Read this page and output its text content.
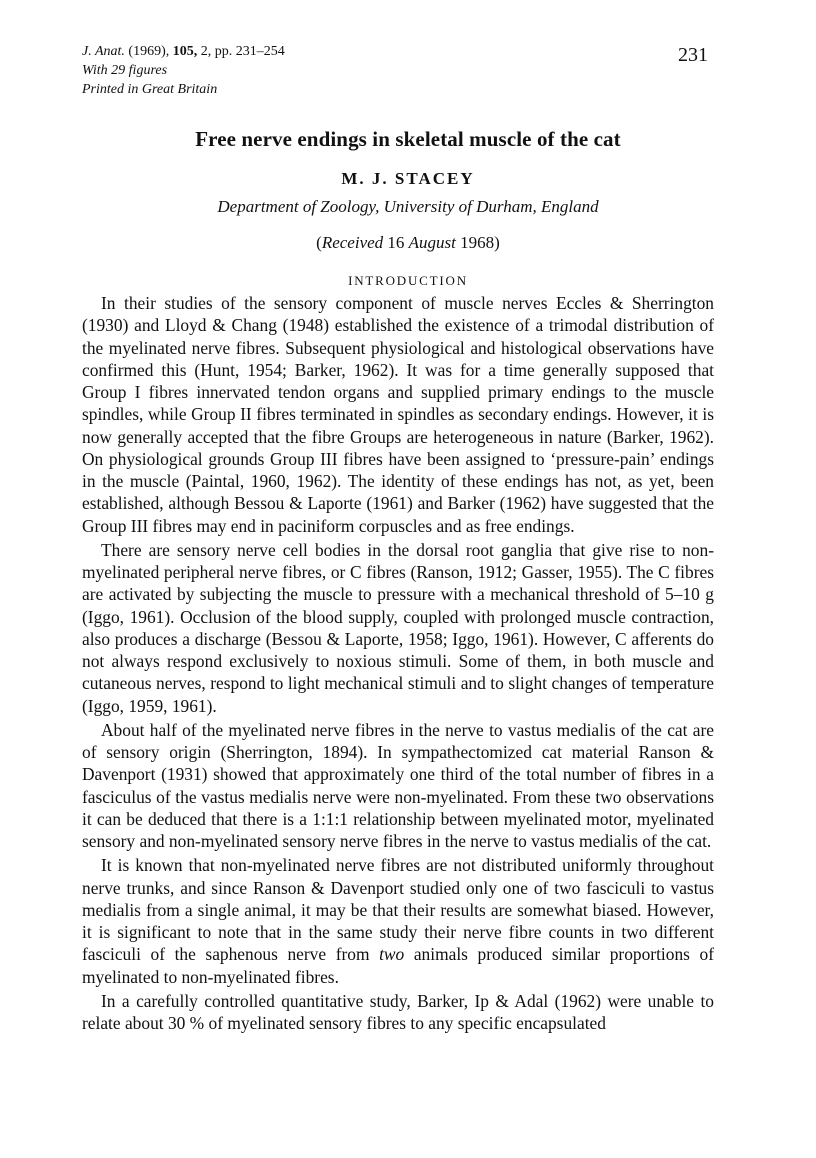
J. Anat. (1969), 105, 2, pp. 231–254
With 29 figures
Printed in Great Britain
231
Free nerve endings in skeletal muscle of the cat
M. J. STACEY
Department of Zoology, University of Durham, England
(Received 16 August 1968)
INTRODUCTION

In their studies of the sensory component of muscle nerves Eccles & Sherrington (1930) and Lloyd & Chang (1948) established the existence of a trimodal distribution of the myelinated nerve fibres. Subsequent physiological and histological observations have confirmed this (Hunt, 1954; Barker, 1962). It was for a time generally supposed that Group I fibres innervated tendon organs and supplied primary endings to the muscle spindles, while Group II fibres terminated in spindles as secondary endings. However, it is now generally accepted that the fibre Groups are heterogeneous in nature (Barker, 1962). On physiological grounds Group III fibres have been assigned to ‘pressure-pain’ endings in the muscle (Paintal, 1960, 1962). The identity of these endings has not, as yet, been established, although Bessou & Laporte (1961) and Barker (1962) have suggested that the Group III fibres may end in paciniform corpuscles and as free endings.

There are sensory nerve cell bodies in the dorsal root ganglia that give rise to non-myelinated peripheral nerve fibres, or C fibres (Ranson, 1912; Gasser, 1955). The C fibres are activated by subjecting the muscle to pressure with a mechanical threshold of 5–10 g (Iggo, 1961). Occlusion of the blood supply, coupled with prolonged muscle contraction, also produces a discharge (Bessou & Laporte, 1958; Iggo, 1961). However, C afferents do not always respond exclusively to noxious stimuli. Some of them, in both muscle and cutaneous nerves, respond to light mechanical stimuli and to slight changes of temperature (Iggo, 1959, 1961).

About half of the myelinated nerve fibres in the nerve to vastus medialis of the cat are of sensory origin (Sherrington, 1894). In sympathectomized cat material Ranson & Davenport (1931) showed that approximately one third of the total number of fibres in a fasciculus of the vastus medialis nerve were non-myelinated. From these two observations it can be deduced that there is a 1:1:1 relationship between myelinated motor, myelinated sensory and non-myelinated sensory nerve fibres in the nerve to vastus medialis of the cat.

It is known that non-myelinated nerve fibres are not distributed uniformly throughout nerve trunks, and since Ranson & Davenport studied only one of two fasciculi to vastus medialis from a single animal, it may be that their results are somewhat biased. However, it is significant to note that in the same study their nerve fibre counts in two different fasciculi of the saphenous nerve from two animals produced similar proportions of myelinated to non-myelinated fibres.

In a carefully controlled quantitative study, Barker, Ip & Adal (1962) were unable to relate about 30 % of myelinated sensory fibres to any specific encapsulated
